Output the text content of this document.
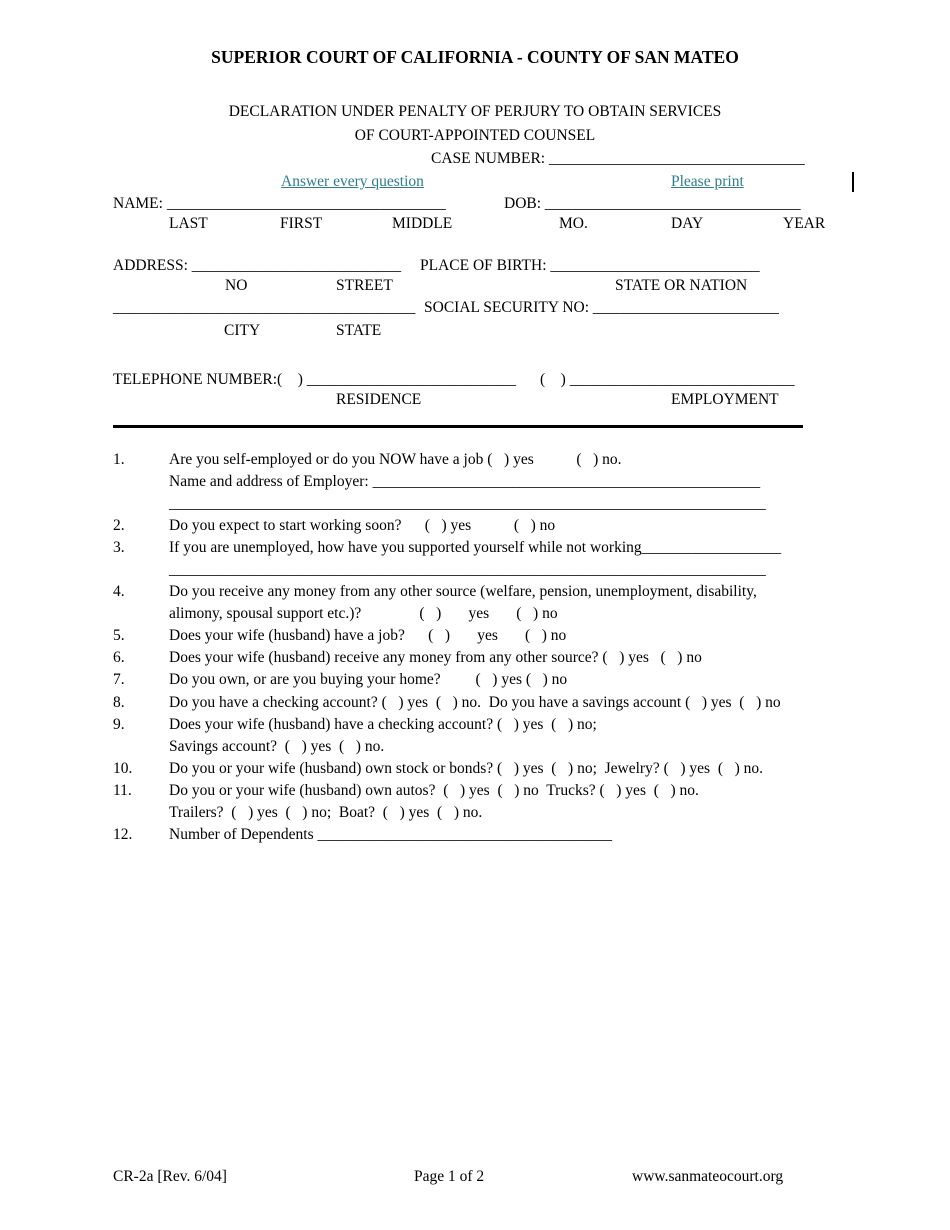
SUPERIOR COURT OF CALIFORNIA - COUNTY OF SAN MATEO
DECLARATION UNDER PENALTY OF PERJURY TO OBTAIN SERVICES
OF COURT-APPOINTED COUNSEL
CASE NUMBER: _________________________________
Answer every question	Please print
NAME: ____________________________________	DOB: _________________________________
LAST	FIRST	MIDDLE	MO.	DAY	YEAR
ADDRESS: ___________________________ PLACE OF BIRTH: ___________________________
NO	STREET	STATE OR NATION
_______________________________________ SOCIAL SECURITY NO: ________________________
CITY	STATE
TELEPHONE NUMBER:(    ) ___________________________ (    ) _____________________________
RESIDENCE	EMPLOYMENT
1.	Are you self-employed or do you NOW have a job (   ) yes           (   ) no.
Name and address of Employer: __________________________________________________
_____________________________________________________________________________
2.	Do you expect to start working soon?      (   ) yes           (   ) no
3.	If you are unemployed, how have you supported yourself while not working__________________
_____________________________________________________________________________
4.	Do you receive any money from any other source (welfare, pension, unemployment, disability,
alimony, spousal support etc.)?               (   )       yes       (   ) no
5.	Does your wife (husband) have a job?      (   )       yes       (   ) no
6.	Does your wife (husband) receive any money from any other source? (   ) yes   (   ) no
7.	Do you own, or are you buying your home?         (   ) yes (   ) no
8.	Do you have a checking account? (   ) yes  (   ) no.  Do you have a savings account (   ) yes  (   ) no
9.	Does your wife (husband) have a checking account? (   ) yes  (   ) no;
Savings account?  (   ) yes  (   ) no.
10. Do you or your wife (husband) own stock or bonds? (   ) yes  (   ) no;  Jewelry? (   ) yes  (   ) no.
11. Do you or your wife (husband) own autos?  (   ) yes  (   ) no  Trucks? (   ) yes  (   ) no.
Trailers?  (   ) yes  (   ) no;  Boat?  (   ) yes  (   ) no.
12. Number of Dependents ______________________________________
CR-2a [Rev. 6/04]	Page 1 of 2	www.sanmateocourt.org
